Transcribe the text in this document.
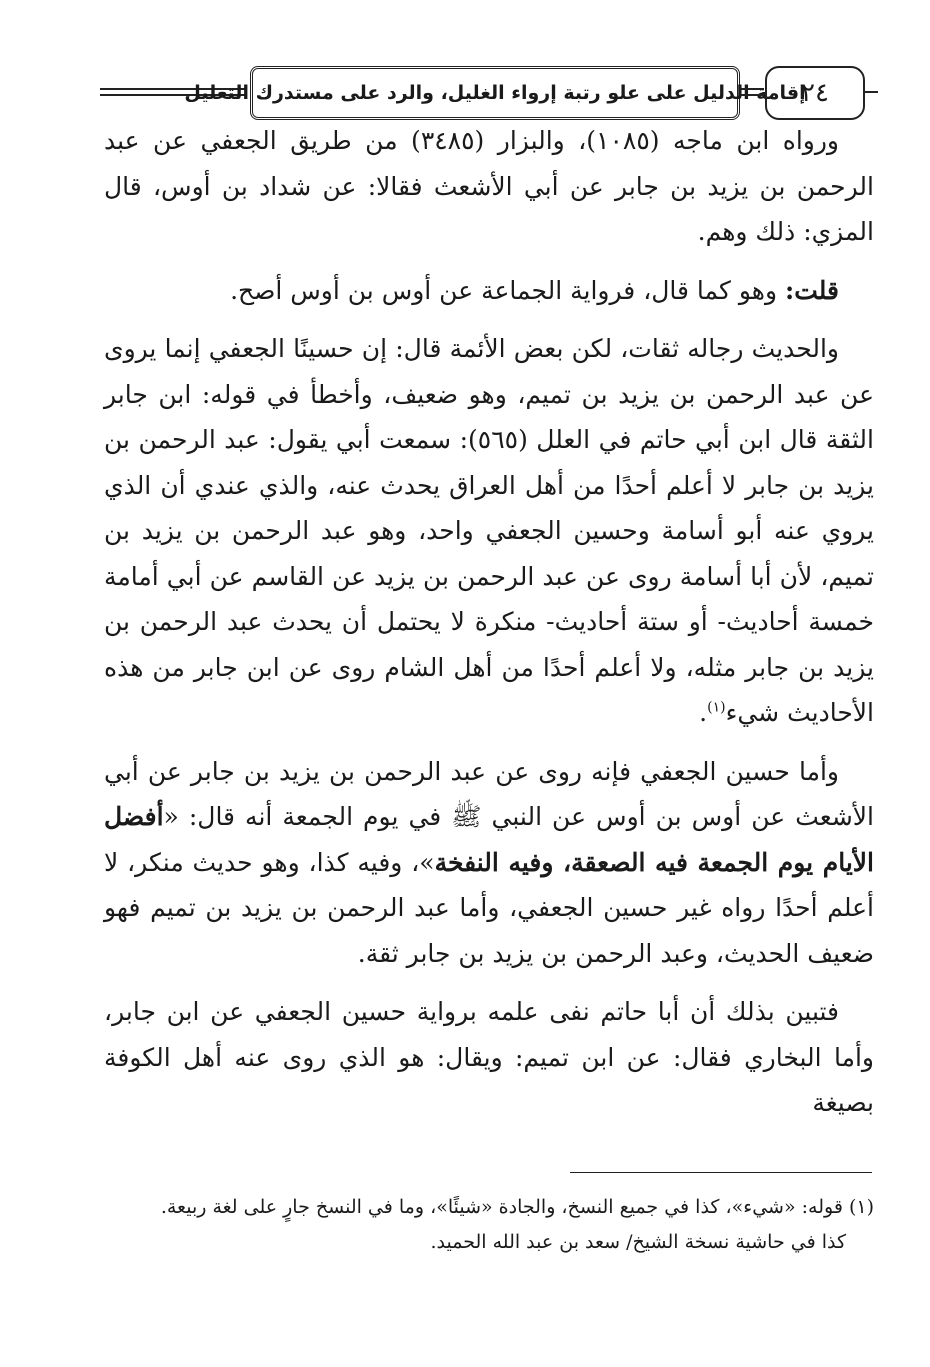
إقامة الدليل على علو رتبة إرواء الغليل، والرد على مستدرك التعليل
٢٤

ورواه ابن ماجه (١٠٨٥)، والبزار (٣٤٨٥) من طريق الجعفي عن عبد الرحمن بن يزيد بن جابر عن أبي الأشعث فقالا: عن شداد بن أوس، قال المزي: ذلك وهم.

قلت: وهو كما قال، فرواية الجماعة عن أوس بن أوس أصح.

والحديث رجاله ثقات، لكن بعض الأئمة قال: إن حسينًا الجعفي إنما يروى عن عبد الرحمن بن يزيد بن تميم، وهو ضعيف، وأخطأ في قوله: ابن جابر الثقة قال ابن أبي حاتم في العلل (٥٦٥): سمعت أبي يقول: عبد الرحمن بن يزيد بن جابر لا أعلم أحدًا من أهل العراق يحدث عنه، والذي عندي أن الذي يروي عنه أبو أسامة وحسين الجعفي واحد، وهو عبد الرحمن بن يزيد بن تميم، لأن أبا أسامة روى عن عبد الرحمن بن يزيد عن القاسم عن أبي أمامة خمسة أحاديث- أو ستة أحاديث- منكرة لا يحتمل أن يحدث عبد الرحمن بن يزيد بن جابر مثله، ولا أعلم أحدًا من أهل الشام روى عن ابن جابر من هذه الأحاديث شيء$^{(١)}$.

وأما حسين الجعفي فإنه روى عن عبد الرحمن بن يزيد بن جابر عن أبي الأشعث عن أوس بن أوس عن النبي ﷺ في يوم الجمعة أنه قال: «أفضل الأيام يوم الجمعة فيه الصعقة، وفيه النفخة»، وفيه كذا، وهو حديث منكر، لا أعلم أحدًا رواه غير حسين الجعفي، وأما عبد الرحمن بن يزيد بن تميم فهو ضعيف الحديث، وعبد الرحمن بن يزيد بن جابر ثقة.

فتبين بذلك أن أبا حاتم نفى علمه برواية حسين الجعفي عن ابن جابر، وأما البخاري فقال: عن ابن تميم: ويقال: هو الذي روى عنه أهل الكوفة بصيغة

(١) قوله: «شيء»، كذا في جميع النسخ، والجادة «شيئًا»، وما في النسخ جارٍ على لغة ربيعة.

كذا في حاشية نسخة الشيخ/ سعد بن عبد الله الحميد.
